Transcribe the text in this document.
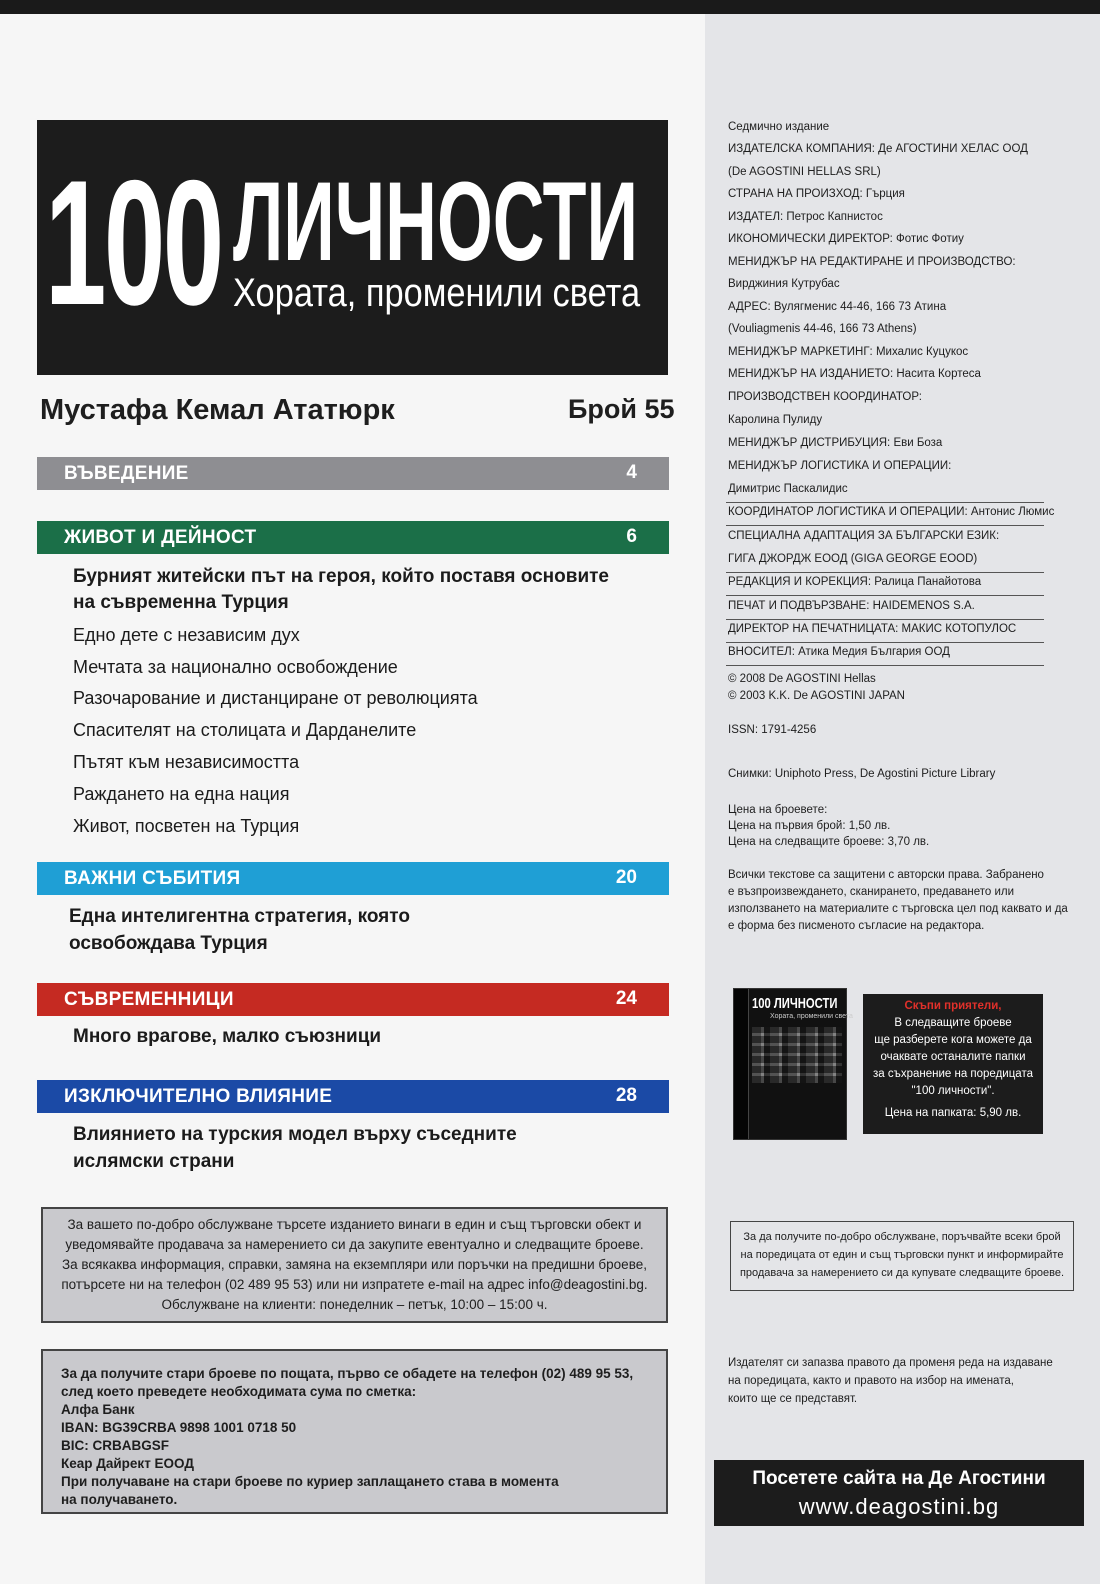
100 ЛИЧНОСТИ
Хората, променили света
Мустафа Кемал Ататюрк	Брой 55
ВЪВЕДЕНИЕ	4
ЖИВОТ И ДЕЙНОСТ	6
Бурният житейски път на героя, който поставя основите
на съвременна Турция
Едно дете с независим дух
Мечтата за национално освобождение
Разочарование и дистанциране от революцията
Спасителят на столицата и Дарданелите
Пътят към независимостта
Раждането на една нация
Живот, посветен на Турция
ВАЖНИ СЪБИТИЯ	20
Една интелигентна стратегия, която
освобождава Турция
СЪВРЕМЕННИЦИ	24
Много врагове, малко съюзници
ИЗКЛЮЧИТЕЛНО ВЛИЯНИЕ	28
Влиянието на турския модел върху съседните
ислямски страни
За вашето по-добро обслужване търсете изданието винаги в един и същ търговски обект и
уведомявайте продавача за намерението си да закупите евентуално и следващите броеве.
За всякаква информация, справки, замяна на екземпляри или поръчки на предишни броеве,
потърсете ни на телефон (02 489 95 53) или ни изпратете e-mail на адрес info@deagostini.bg.
Обслужване на клиенти: понеделник – петък, 10:00 – 15:00 ч.
За да получите стари броеве по пощата, първо се обадете на телефон (02) 489 95 53,
след което преведете необходимата сума по сметка:
Алфа Банк
IBAN: BG39CRBA 9898 1001 0718 50
BIC: CRBABGSF
Кеар Дайрект ЕООД
При получаване на стари броеве по куриер заплащането става в момента
на получаването.
Седмично издание
ИЗДАТЕЛСКА КОМПАНИЯ: Де АГОСТИНИ ХЕЛАС ООД
(De AGOSTINI HELLAS SRL)
СТРАНА НА ПРОИЗХОД: Гърция
ИЗДАТЕЛ: Петрос Капнистос
ИКОНОМИЧЕСКИ ДИРЕКТОР: Фотис Фотиу
МЕНИДЖЪР НА РЕДАКТИРАНЕ И ПРОИЗВОДСТВО:
Вирджиния Кутрубас
АДРЕС: Вулягменис 44-46, 166 73 Атина
(Vouliagmenis 44-46, 166 73 Athens)
МЕНИДЖЪР МАРКЕТИНГ: Михалис Куцукос
МЕНИДЖЪР НА ИЗДАНИЕТО: Насита Кортеса
ПРОИЗВОДСТВЕН КООРДИНАТОР:
Каролина Пулиду
МЕНИДЖЪР ДИСТРИБУЦИЯ: Еви Боза
МЕНИДЖЪР ЛОГИСТИКА И ОПЕРАЦИИ:
Димитрис Паскалидис
КООРДИНАТОР ЛОГИСТИКА И ОПЕРАЦИИ: Антонис Люмис
СПЕЦИАЛНА АДАПТАЦИЯ ЗА БЪЛГАРСКИ ЕЗИК:
ГИГА ДЖОРДЖ ЕООД (GIGA GEORGE EOOD)
РЕДАКЦИЯ И КОРЕКЦИЯ: Ралица Панайотова
ПЕЧАТ И ПОДВЪРЗВАНЕ: HAIDEMENOS S.A.
ДИРЕКТОР НА ПЕЧАТНИЦАТА: МАКИС КОТОПУЛОС
ВНОСИТЕЛ: Атика Медия България ООД
© 2008 De AGOSTINI Hellas
© 2003 K.K. De AGOSTINI JAPAN
ISSN: 1791-4256
Снимки: Uniphoto Press, De Agostini Picture Library
Цена на броевете:
Цена на първия брой: 1,50 лв.
Цена на следващите броеве: 3,70 лв.
Всички текстове са защитени с авторски права. Забранено
е възпроизвеждането, сканирането, предаването или
използването на материалите с търговска цел под каквато и да
е форма без писменото съгласие на редактора.
100 ЛИЧНОСТИ
Хората, променили света
Скъпи приятели,
В следващите броеве
ще разберете кога можете да
очаквате останалите папки
за съхранение на поредицата
"100 личности".
Цена на папката: 5,90 лв.
За да получите по-добро обслужване, поръчвайте всеки брой
на поредицата от един и същ търговски пункт и информирайте
продавача за намерението си да купувате следващите броеве.
Издателят си запазва правото да променя реда на издаване
на поредицата, както и правото на избор на имената,
които ще се представят.
Посетете сайта на Де Агостини
www.deagostini.bg
